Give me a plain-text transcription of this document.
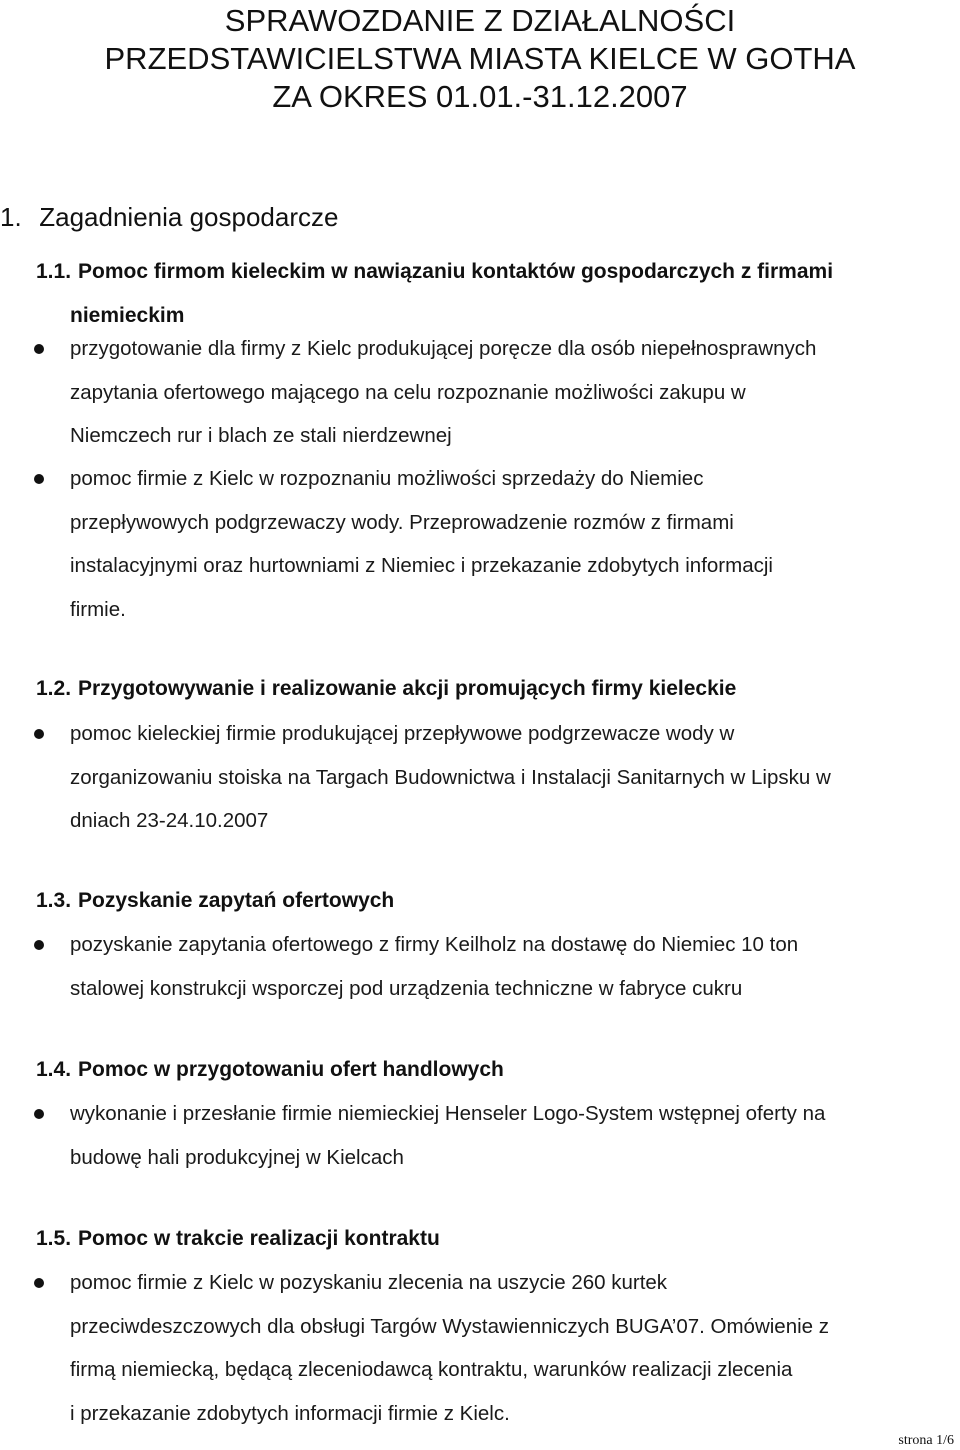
SPRAWOZDANIE Z DZIAŁALNOŚCI
PRZEDSTAWICIELSTWA MIASTA KIELCE W GOTHA
ZA OKRES 01.01.-31.12.2007
1. Zagadnienia gospodarcze
1.1. Pomoc firmom kieleckim w nawiązaniu kontaktów gospodarczych z firmami
niemieckim
przygotowanie dla firmy z Kielc produkującej poręcze dla osób niepełnosprawnych
zapytania ofertowego mającego na celu rozpoznanie możliwości zakupu w
Niemczech rur i blach ze stali nierdzewnej
pomoc firmie z Kielc w rozpoznaniu możliwości sprzedaży do Niemiec
przepływowych podgrzewaczy wody. Przeprowadzenie rozmów z firmami
instalacyjnymi oraz hurtowniami z Niemiec i przekazanie zdobytych informacji
firmie.
1.2. Przygotowywanie i realizowanie akcji promujących firmy kieleckie
pomoc kieleckiej firmie produkującej przepływowe podgrzewacze wody w
zorganizowaniu stoiska na Targach Budownictwa i Instalacji Sanitarnych w Lipsku w
dniach 23-24.10.2007
1.3. Pozyskanie zapytań ofertowych
pozyskanie zapytania ofertowego z firmy Keilholz na dostawę do Niemiec 10 ton
stalowej konstrukcji wsporczej pod urządzenia techniczne w fabryce cukru
1.4. Pomoc w przygotowaniu ofert handlowych
wykonanie i przesłanie firmie niemieckiej Henseler Logo-System wstępnej oferty na
budowę hali produkcyjnej w Kielcach
1.5. Pomoc w trakcie realizacji kontraktu
pomoc firmie z Kielc w pozyskaniu zlecenia na uszycie 260 kurtek
przeciwdeszczowych dla obsługi Targów Wystawienniczych BUGA’07. Omówienie z
firmą niemiecką, będącą zleceniodawcą kontraktu, warunków realizacji zlecenia
i przekazanie zdobytych informacji firmie z Kielc.
strona 1/6
